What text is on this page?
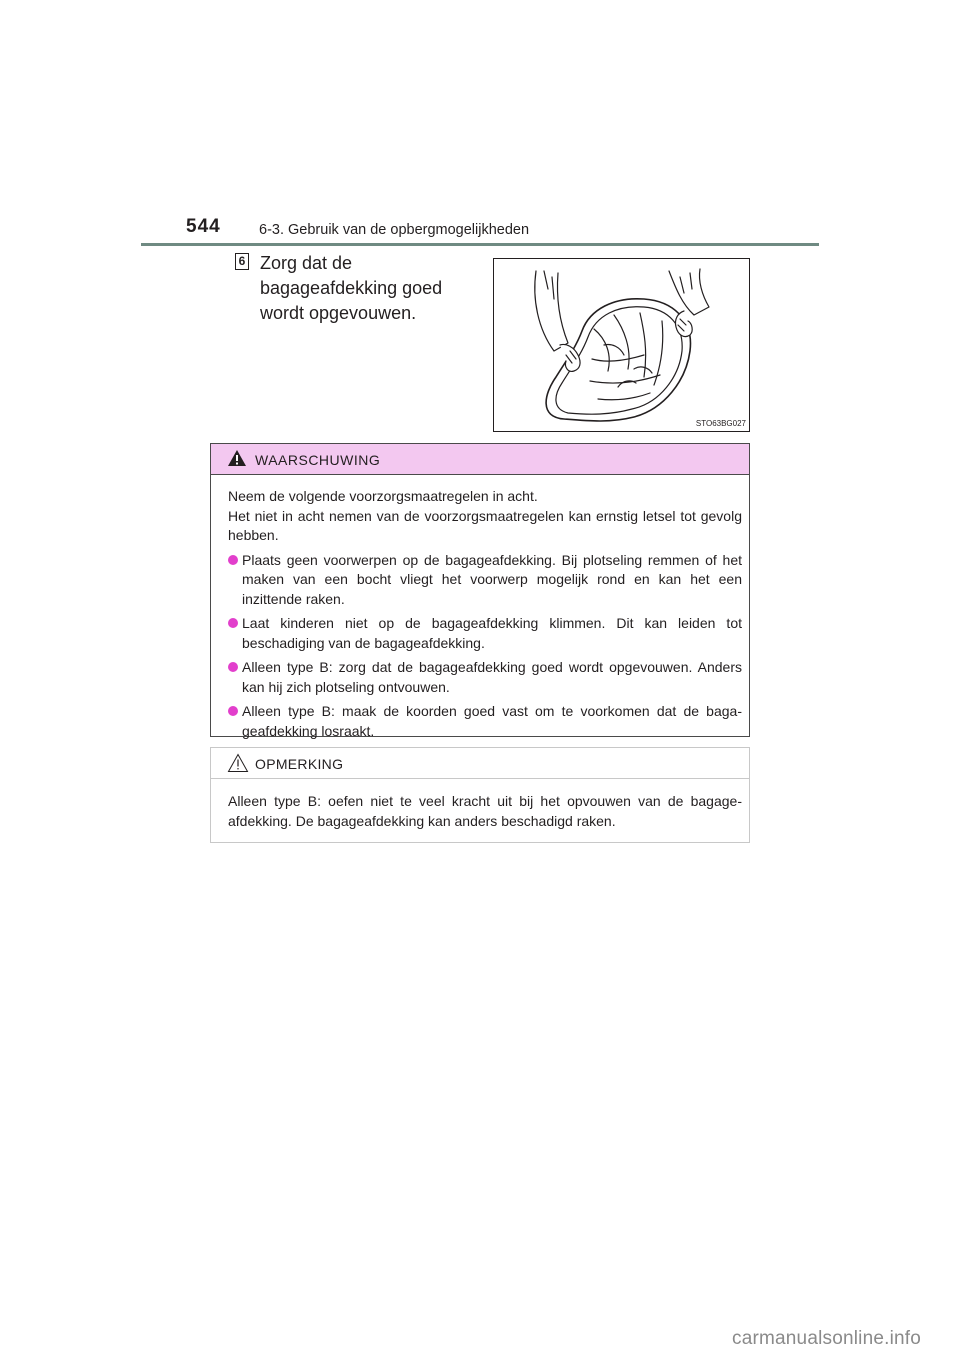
544	6-3. Gebruik van de opbergmogelijkheden
6 Zorg dat de bagageafdekking goed wordt opgevouwen.
STO63BG027
WAARSCHUWING

Neem de volgende voorzorgsmaatregelen in acht.

Het niet in acht nemen van de voorzorgsmaatregelen kan ernstig letsel tot gevolg hebben.

Plaats geen voorwerpen op de bagageafdekking. Bij plotseling remmen of het maken van een bocht vliegt het voorwerp mogelijk rond en kan het een inzittende raken.
Laat kinderen niet op de bagageafdekking klimmen. Dit kan leiden tot beschadiging van de bagageafdekking.
Alleen type B: zorg dat de bagageafdekking goed wordt opgevouwen. Anders kan hij zich plotseling ontvouwen.
Alleen type B: maak de koorden goed vast om te voorkomen dat de baga-geafdekking losraakt.
OPMERKING

Alleen type B: oefen niet te veel kracht uit bij het opvouwen van de bagage-afdekking. De bagageafdekking kan anders beschadigd raken.

carmanualsonline.info
